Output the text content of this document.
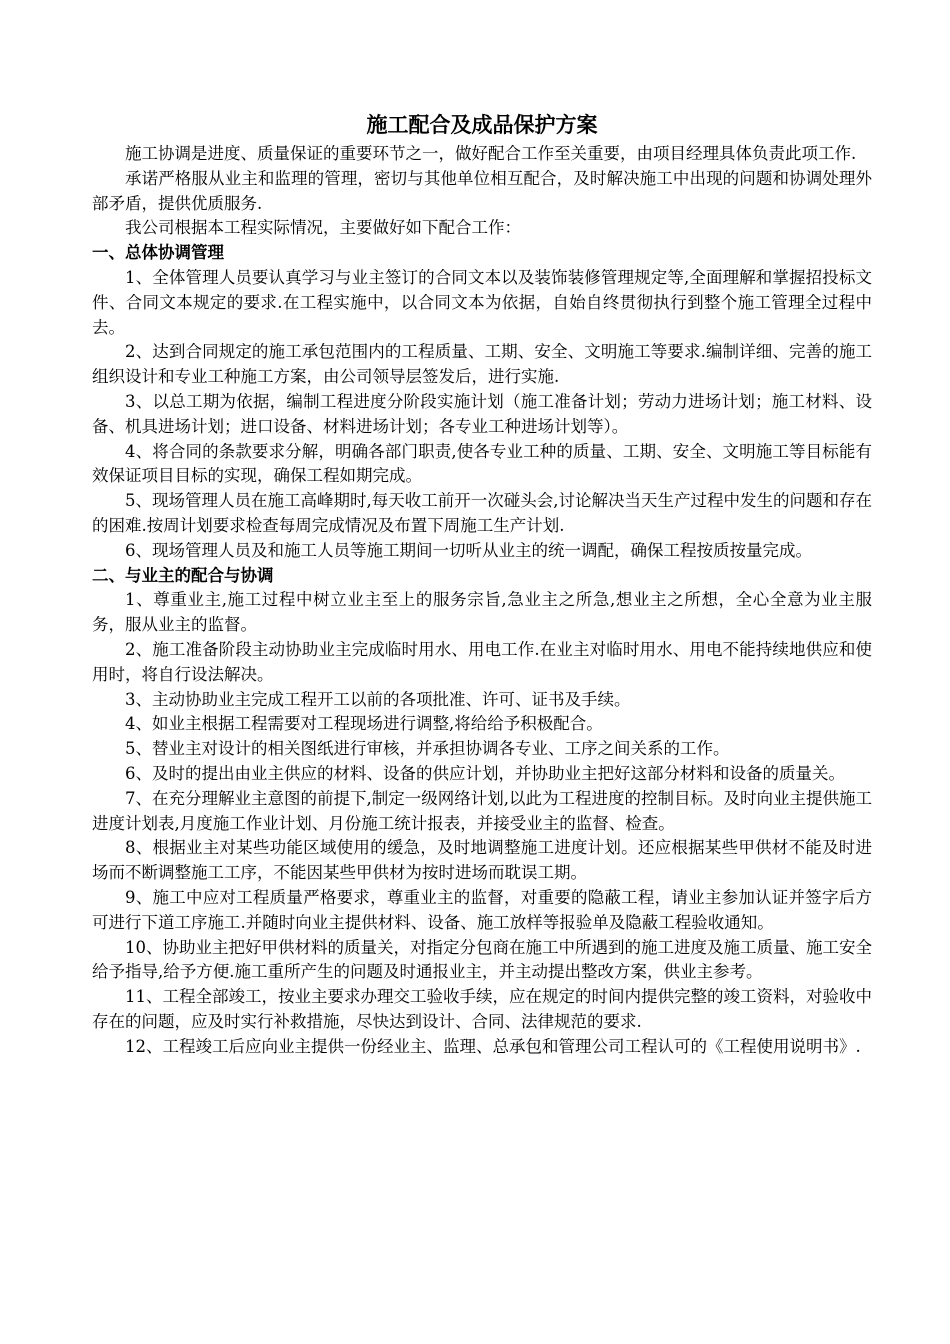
施工配合及成品保护方案

施工协调是进度、质量保证的重要环节之一，做好配合工作至关重要，由项目经理具体负责此项工作.

承诺严格服从业主和监理的管理，密切与其他单位相互配合，及时解决施工中出现的问题和协调处理外部矛盾，提供优质服务.

我公司根据本工程实际情况，主要做好如下配合工作：

一、总体协调管理

1、全体管理人员要认真学习与业主签订的合同文本以及装饰装修管理规定等,全面理解和掌握招投标文件、合同文本规定的要求.在工程实施中，以合同文本为依据，自始自终贯彻执行到整个施工管理全过程中去。

2、达到合同规定的施工承包范围内的工程质量、工期、安全、文明施工等要求.编制详细、完善的施工组织设计和专业工种施工方案，由公司领导层签发后，进行实施.

3、以总工期为依据，编制工程进度分阶段实施计划（施工准备计划；劳动力进场计划；施工材料、设备、机具进场计划；进口设备、材料进场计划；各专业工种进场计划等）。

4、将合同的条款要求分解，明确各部门职责,使各专业工种的质量、工期、安全、文明施工等目标能有效保证项目目标的实现，确保工程如期完成。

5、现场管理人员在施工高峰期时,每天收工前开一次碰头会,讨论解决当天生产过程中发生的问题和存在的困难.按周计划要求检查每周完成情况及布置下周施工生产计划.

6、现场管理人员及和施工人员等施工期间一切听从业主的统一调配，确保工程按质按量完成。

二、与业主的配合与协调

1、尊重业主,施工过程中树立业主至上的服务宗旨,急业主之所急,想业主之所想，全心全意为业主服务，服从业主的监督。

2、施工准备阶段主动协助业主完成临时用水、用电工作.在业主对临时用水、用电不能持续地供应和使用时，将自行设法解决。

3、主动协助业主完成工程开工以前的各项批准、许可、证书及手续。

4、如业主根据工程需要对工程现场进行调整,将给给予积极配合。

5、替业主对设计的相关图纸进行审核，并承担协调各专业、工序之间关系的工作。

6、及时的提出由业主供应的材料、设备的供应计划，并协助业主把好这部分材料和设备的质量关。

7、在充分理解业主意图的前提下,制定一级网络计划,以此为工程进度的控制目标。及时向业主提供施工进度计划表,月度施工作业计划、月份施工统计报表，并接受业主的监督、检查。

8、根据业主对某些功能区域使用的缓急，及时地调整施工进度计划。还应根据某些甲供材不能及时进场而不断调整施工工序，不能因某些甲供材为按时进场而耽误工期。

9、施工中应对工程质量严格要求，尊重业主的监督，对重要的隐蔽工程，请业主参加认证并签字后方可进行下道工序施工.并随时向业主提供材料、设备、施工放样等报验单及隐蔽工程验收通知。

10、协助业主把好甲供材料的质量关，对指定分包商在施工中所遇到的施工进度及施工质量、施工安全给予指导,给予方便.施工重所产生的问题及时通报业主，并主动提出整改方案，供业主参考。

11、工程全部竣工，按业主要求办理交工验收手续，应在规定的时间内提供完整的竣工资料，对验收中存在的问题，应及时实行补救措施，尽快达到设计、合同、法律规范的要求.

12、工程竣工后应向业主提供一份经业主、监理、总承包和管理公司工程认可的《工程使用说明书》.
